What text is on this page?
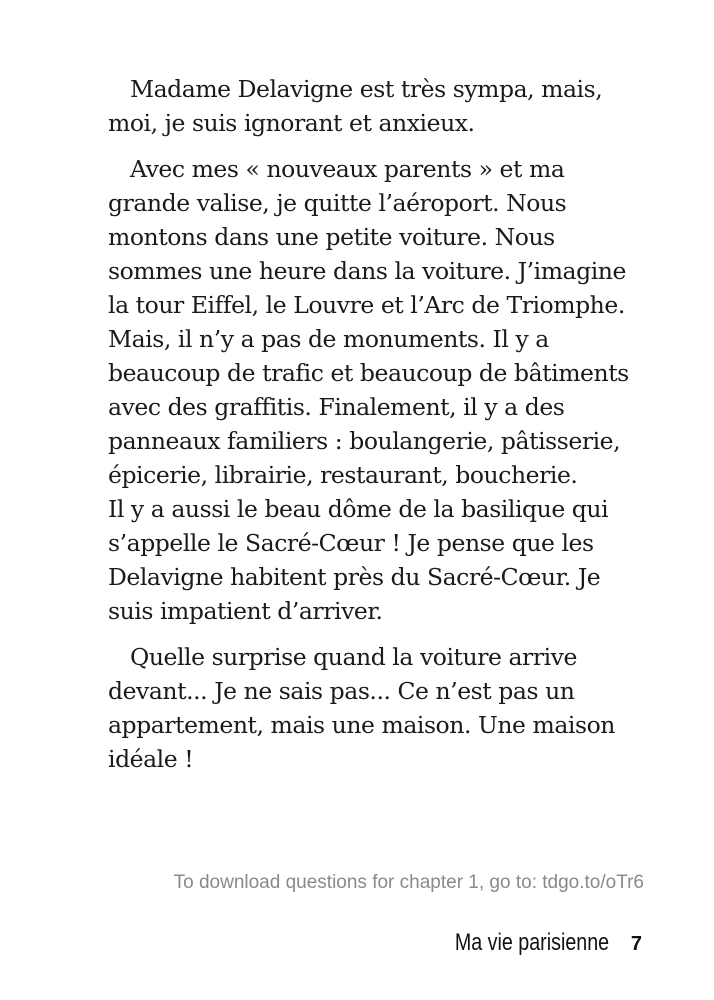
Madame Delavigne est très sympa, mais,
moi, je suis ignorant et anxieux.

Avec mes « nouveaux parents » et ma
grande valise, je quitte l’aéroport. Nous
montons dans une petite voiture. Nous
sommes une heure dans la voiture. J’imagine
la tour Eiffel, le Louvre et l’Arc de Triomphe.
Mais, il n’y a pas de monuments. Il y a
beaucoup de trafic et beaucoup de bâtiments
avec des graffitis. Finalement, il y a des
panneaux familiers : boulangerie, pâtisserie,
épicerie, librairie, restaurant, boucherie.
Il y a aussi le beau dôme de la basilique qui
s’appelle le Sacré-Cœur ! Je pense que les
Delavigne habitent près du Sacré-Cœur. Je
suis impatient d’arriver.

Quelle surprise quand la voiture arrive
devant... Je ne sais pas... Ce n’est pas un
appartement, mais une maison. Une maison
idéale !

To download questions for chapter 1, go to: tdgo.to/oTr6
Ma vie parisienne 7
